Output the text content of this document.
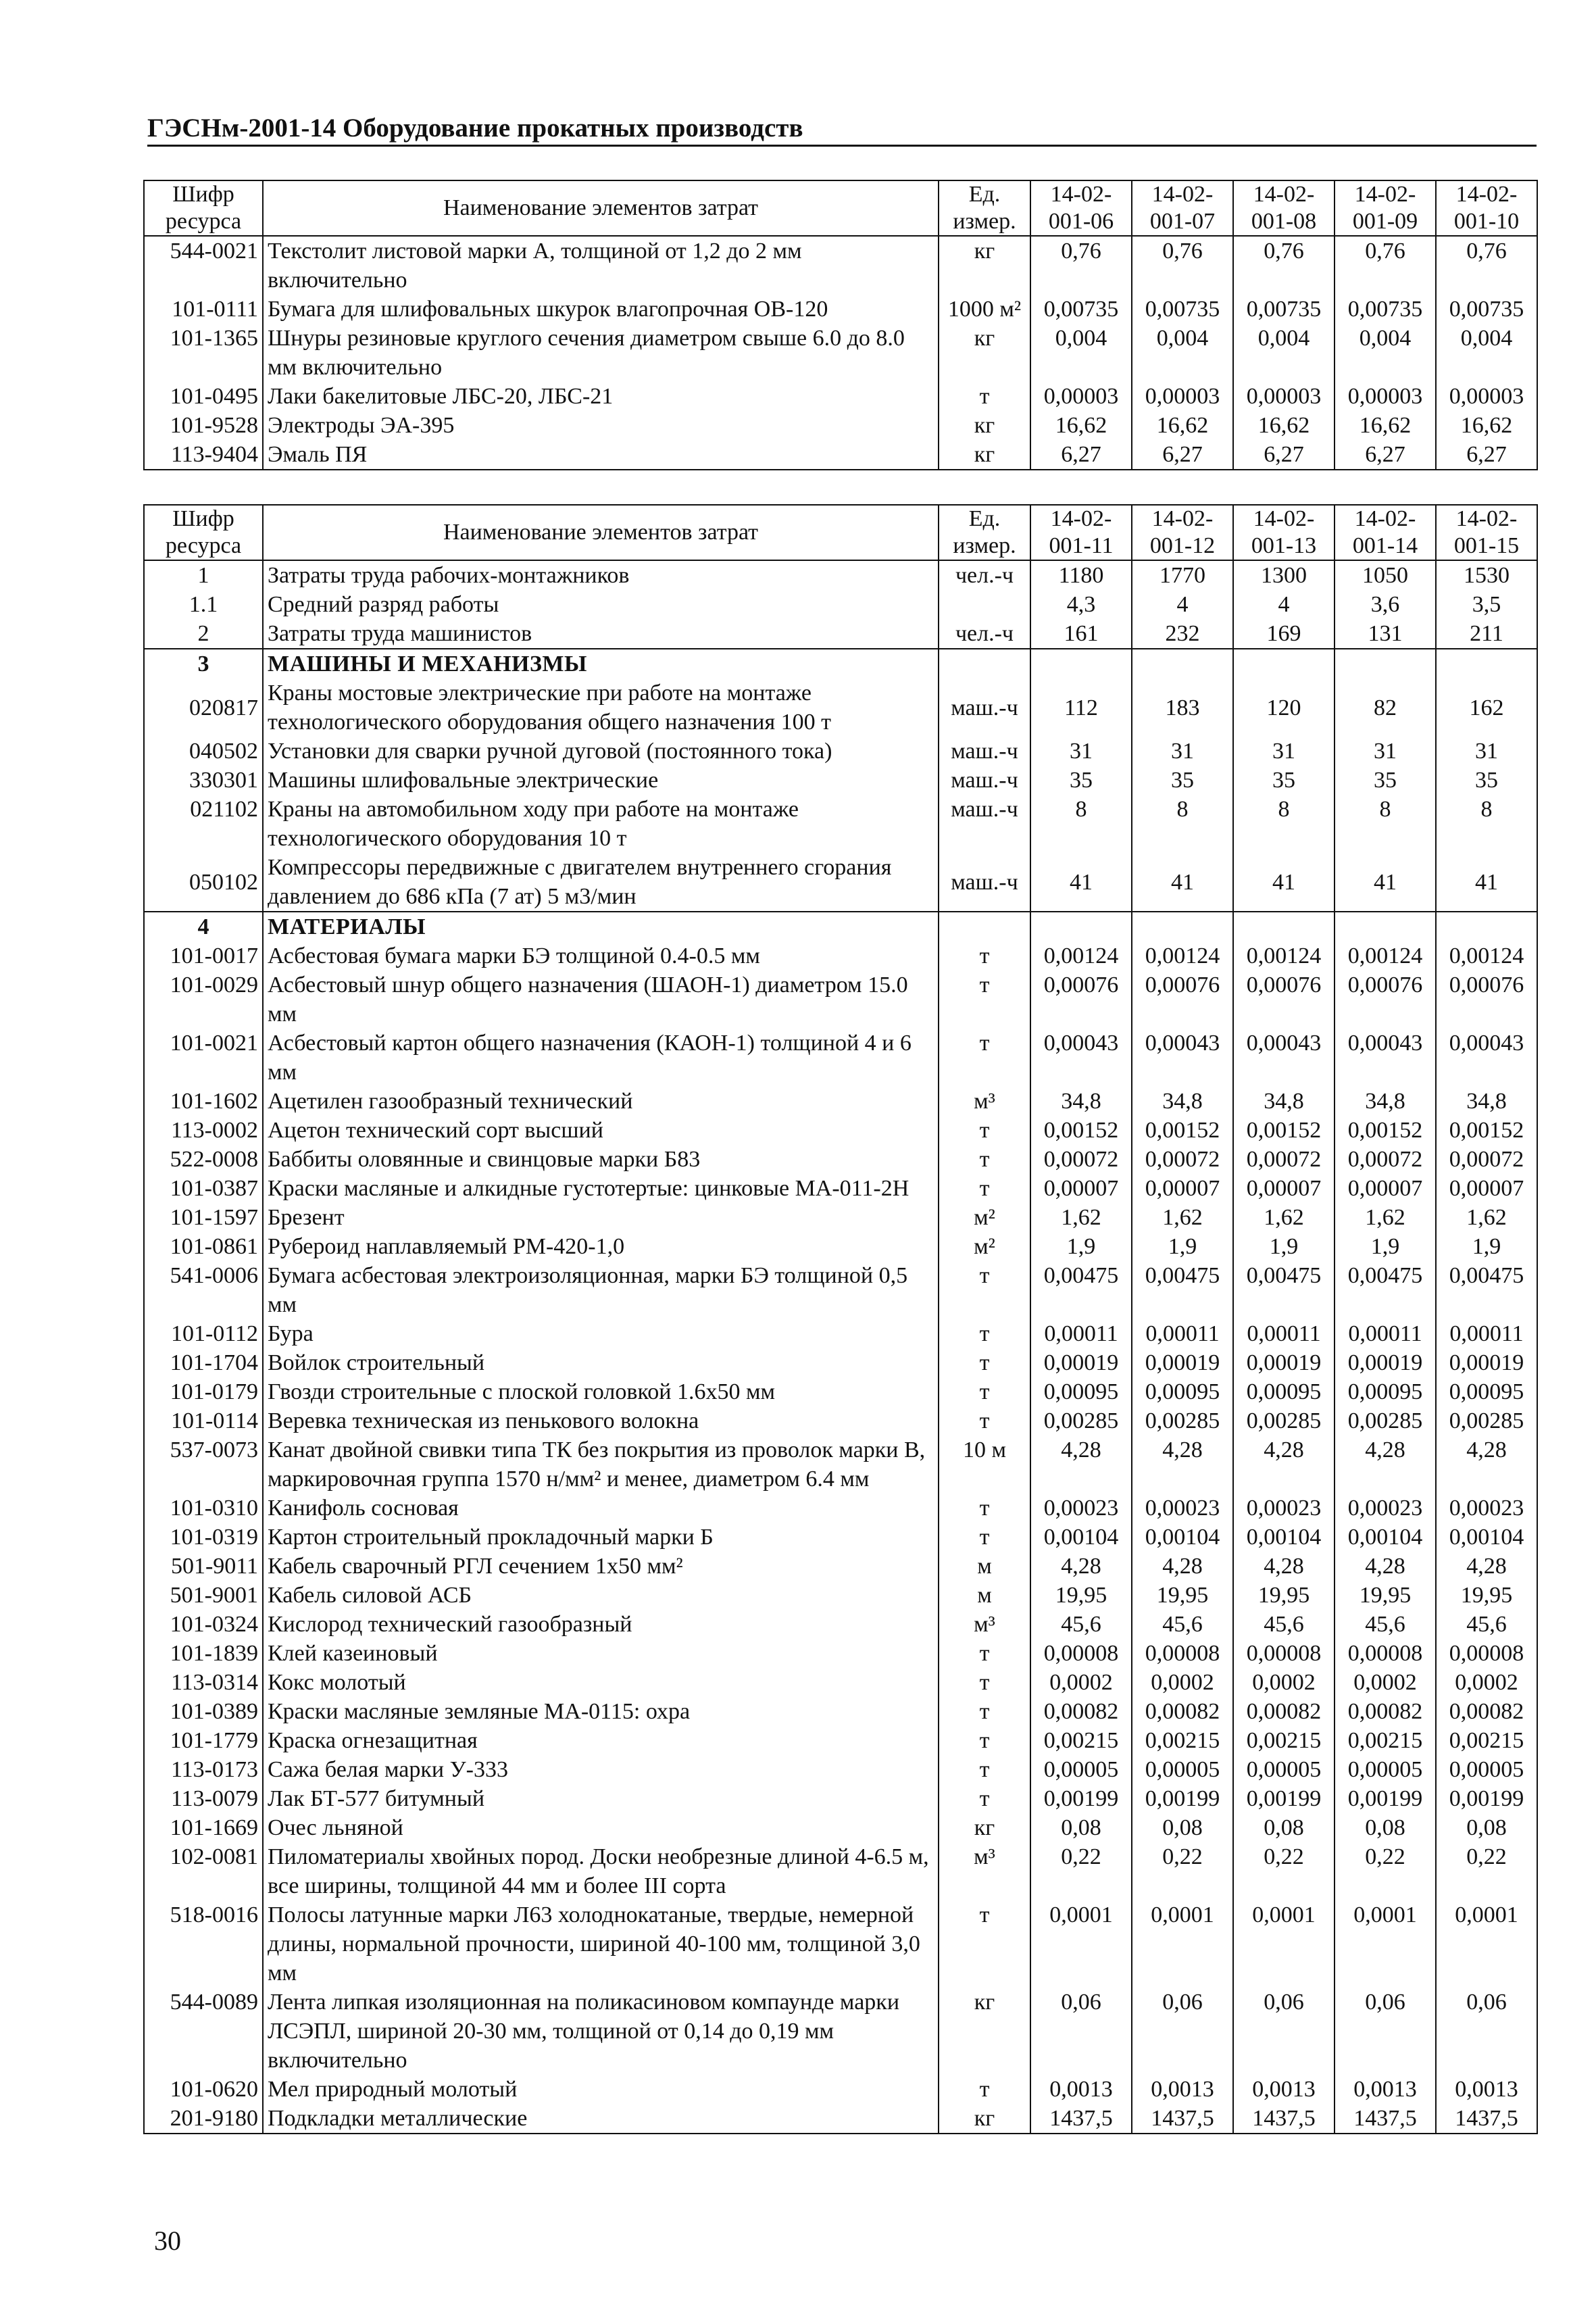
ГЭСНм-2001-14 Оборудование прокатных производств
Шифр ресурса	Наименование элементов затрат	Ед. измер.	14-02-001-06	14-02-001-07	14-02-001-08	14-02-001-09	14-02-001-10
544-0021	Текстолит листовой марки А, толщиной от 1,2 до 2 мм включительно	кг	0,76	0,76	0,76	0,76	0,76
101-0111	Бумага для шлифовальных шкурок влагопрочная ОВ-120	1000 м²	0,00735	0,00735	0,00735	0,00735	0,00735
101-1365	Шнуры резиновые круглого сечения диаметром свыше 6.0 до 8.0 мм включительно	кг	0,004	0,004	0,004	0,004	0,004
101-0495	Лаки бакелитовые ЛБС-20, ЛБС-21	т	0,00003	0,00003	0,00003	0,00003	0,00003
101-9528	Электроды ЭА-395	кг	16,62	16,62	16,62	16,62	16,62
113-9404	Эмаль ПЯ	кг	6,27	6,27	6,27	6,27	6,27
Шифр ресурса	Наименование элементов затрат	Ед. измер.	14-02-001-11	14-02-001-12	14-02-001-13	14-02-001-14	14-02-001-15
1	Затраты труда рабочих-монтажников	чел.-ч	1180	1770	1300	1050	1530
1.1	Средний разряд работы		4,3	4	4	3,6	3,5
2	Затраты труда машинистов	чел.-ч	161	232	169	131	211
3	МАШИНЫ И МЕХАНИЗМЫ						
020817	Краны мостовые электрические при работе на монтаже технологического оборудования общего назначения 100 т	маш.-ч	112	183	120	82	162
040502	Установки для сварки ручной дуговой (постоянного тока)	маш.-ч	31	31	31	31	31
330301	Машины шлифовальные электрические	маш.-ч	35	35	35	35	35
021102	Краны на автомобильном ходу при работе на монтаже технологического оборудования 10 т	маш.-ч	8	8	8	8	8
050102	Компрессоры передвижные с двигателем внутреннего сгорания давлением до 686 кПа (7 ат) 5 м3/мин	маш.-ч	41	41	41	41	41
4	МАТЕРИАЛЫ						
101-0017	Асбестовая бумага марки БЭ толщиной 0.4-0.5 мм	т	0,00124	0,00124	0,00124	0,00124	0,00124
101-0029	Асбестовый шнур общего назначения (ШАОН-1) диаметром 15.0 мм	т	0,00076	0,00076	0,00076	0,00076	0,00076
101-0021	Асбестовый картон общего назначения (КАОН-1) толщиной 4 и 6 мм	т	0,00043	0,00043	0,00043	0,00043	0,00043
101-1602	Ацетилен газообразный технический	м³	34,8	34,8	34,8	34,8	34,8
113-0002	Ацетон технический сорт высший	т	0,00152	0,00152	0,00152	0,00152	0,00152
522-0008	Баббиты оловянные и свинцовые марки Б83	т	0,00072	0,00072	0,00072	0,00072	0,00072
101-0387	Краски масляные и алкидные густотертые: цинковые МА-011-2Н	т	0,00007	0,00007	0,00007	0,00007	0,00007
101-1597	Брезент	м²	1,62	1,62	1,62	1,62	1,62
101-0861	Рубероид наплавляемый РМ-420-1,0	м²	1,9	1,9	1,9	1,9	1,9
541-0006	Бумага асбестовая электроизоляционная, марки БЭ толщиной 0,5 мм	т	0,00475	0,00475	0,00475	0,00475	0,00475
101-0112	Бура	т	0,00011	0,00011	0,00011	0,00011	0,00011
101-1704	Войлок строительный	т	0,00019	0,00019	0,00019	0,00019	0,00019
101-0179	Гвозди строительные с плоской головкой 1.6x50 мм	т	0,00095	0,00095	0,00095	0,00095	0,00095
101-0114	Веревка техническая из пенькового волокна	т	0,00285	0,00285	0,00285	0,00285	0,00285
537-0073	Канат двойной свивки типа ТК без покрытия из проволок марки В, маркировочная группа 1570 н/мм² и менее, диаметром 6.4 мм	10 м	4,28	4,28	4,28	4,28	4,28
101-0310	Канифоль сосновая	т	0,00023	0,00023	0,00023	0,00023	0,00023
101-0319	Картон строительный прокладочный марки Б	т	0,00104	0,00104	0,00104	0,00104	0,00104
501-9011	Кабель сварочный РГЛ сечением 1x50 мм²	м	4,28	4,28	4,28	4,28	4,28
501-9001	Кабель силовой АСБ	м	19,95	19,95	19,95	19,95	19,95
101-0324	Кислород технический газообразный	м³	45,6	45,6	45,6	45,6	45,6
101-1839	Клей казеиновый	т	0,00008	0,00008	0,00008	0,00008	0,00008
113-0314	Кокс молотый	т	0,0002	0,0002	0,0002	0,0002	0,0002
101-0389	Краски масляные земляные МА-0115: охра	т	0,00082	0,00082	0,00082	0,00082	0,00082
101-1779	Краска огнезащитная	т	0,00215	0,00215	0,00215	0,00215	0,00215
113-0173	Сажа белая марки У-333	т	0,00005	0,00005	0,00005	0,00005	0,00005
113-0079	Лак БТ-577 битумный	т	0,00199	0,00199	0,00199	0,00199	0,00199
101-1669	Очес льняной	кг	0,08	0,08	0,08	0,08	0,08
102-0081	Пиломатериалы хвойных пород. Доски необрезные длиной 4-6.5 м, все ширины, толщиной 44 мм и более III сорта	м³	0,22	0,22	0,22	0,22	0,22
518-0016	Полосы латунные марки Л63 холоднокатаные, твердые, немерной длины, нормальной прочности, шириной 40-100 мм, толщиной 3,0 мм	т	0,0001	0,0001	0,0001	0,0001	0,0001
544-0089	Лента липкая изоляционная на поликасиновом компаунде марки ЛСЭПЛ, шириной 20-30 мм, толщиной от 0,14 до 0,19 мм включительно	кг	0,06	0,06	0,06	0,06	0,06
101-0620	Мел природный молотый	т	0,0013	0,0013	0,0013	0,0013	0,0013
201-9180	Подкладки металлические	кг	1437,5	1437,5	1437,5	1437,5	1437,5
30
